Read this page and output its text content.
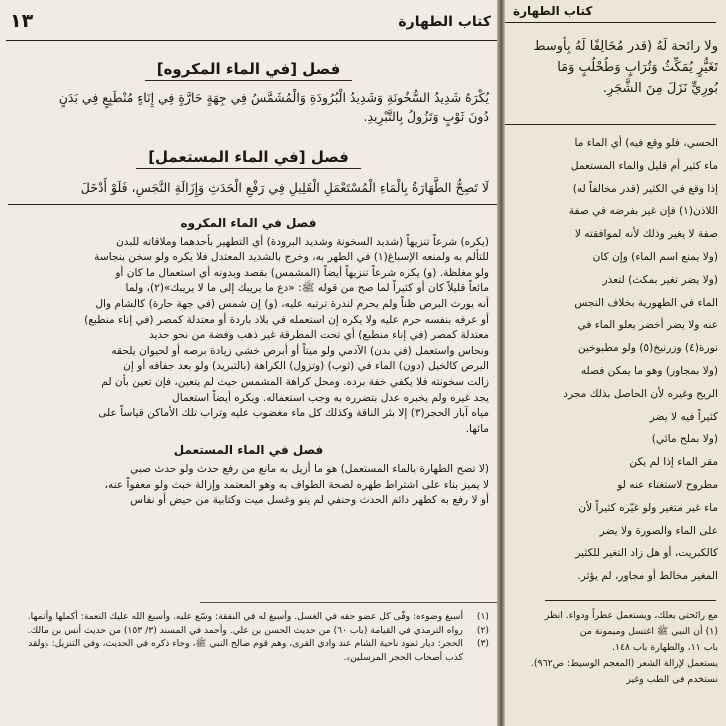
١٣	كتاب الطهارة
فصل [في الماء المكروه]
يُكْرَهُ شَدِيدُ السُّخُونَةِ وَشَدِيدُ الْبُرُودَةِ وَالْمُشَمَّسُ فِي جِهَةٍ حَارَّةٍ فِي إِنَاءٍ مُنْطَبِعٍ فِي بَدَنٍ
دُونَ ثَوْبٍ وَتَزُولُ بِالتَّبْرِيدِ.
فصل [في الماء المستعمل]
لَا تَصِحُّ الطَّهَارَةُ بِالْمَاءِ الْمُسْتَعْمَلِ الْقَلِيلِ فِي رَفْعِ الْحَدَثِ وَإِزَالَةِ النَّجَسِ، فَلَوْ أَدْخَلَ
فصل في الماء المكروه

(يكره) شرعاً تنزيهاً (شديد السخونة وشديد البرودة) أي التطهير بأحدهما وملاقاته للبدن

للتألم به ولمنعه الإسباغ(١) في الطهر به، وخرج بالشديد المعتدل فلا يكره ولو سخن بنجاسة

ولو مغلظة. (و) يكره شرعاً تنزيهاً أيضاً (المشمس) بقصد وبدونه أي استعمال ما كان أو

مائعاً قليلاً كان أو كثيراً لما صح من قوله ﷺ: «دع ما يريبك إلى ما لا يريبك»(٢)، ولما

أنه يورث البرص ظناً ولم يحرم لندرة ترتبه عليه، (و) إن شمس (في جهة حارة) كالشام وال

أو عرفه بنفسه حرم عليه ولا يكره إن استعمله في بلاد باردة أو معتدلة كمصر (في إناء منطبع)

معتدلة كمصر (في إناء منطبع) أي تحت المطرقة غير ذهب وفضة من نحو حديد

ونحاس واستعمل (في بدن) الآدمي ولو ميتاً أو أبرص خشي زيادة برصه أو لحيوان يلحقه

البرص كالخيل (دون) الماء في (ثوب) (وتزول) الكراهة (بالتبريد) ولو بعد جفافه أو إن

زالت سخونته فلا يكفي خفة برده. ومحل كراهة المشمس حيث لم يتعين، فإن تعين بأن لم

يجد غيره ولم يخبره عدل بتضرره به وجب استعماله. ويكره أيضاً استعمال

مياه آبار الحجر(٣) إلا بئر الناقة وكذلك كل ماء مغضوب عليه وتراب تلك الأماكن قياساً على

مائها.

فصل في الماء المستعمل

(لا تصح الطهارة بالماء المستعمل) هو ما أزيل به مانع من رفع حدث ولو حدث صبي

لا يميز بناء على اشتراط طهره لصحة الطواف به وهو المعتمد وإزالة خبث ولو معفواً عنه،

أو لا رفع به كطهر دائم الحدث وحنفي لم ينو وغسل ميت وكتابية من حيض أو نفاس

(١)
أسبغ وضوءه: وفّى كل عضو حقه في الغسل. وأسبغ له في النفقة: وسّع عليه. وأسبغ الله عليك النعمة: أكملها وأتمها.
(٢)
رواه الترمذي في القيامة (باب ٦٠) من حديث الحسن بن علي. وأحمد في المسند (٣/ ١٥٣) من حديث أنس بن مالك.
(٣)
الحجر: ديار ثمود ناحية الشام عند وادي القرى، وهم قوم صالح النبي ﷺ، وجاء ذكره في الحديث، وفي التنزيل: ﴿ولقد كذب أصحاب الحجر المرسلين﴾.
كتاب الطهارة
ولا رائحة لَهُ (قدر مُخَالِفًا لَهُ بِأَوسط
تَغَيُّرٍ يُمَكِّثُ وَتُرَابٍ وَطُحْلُبٍ وَمَا
بُورِيٍّ نَزَلَ مِنَ الشَّجَرِ.
الحسي، فلو وقع فيه) أي الماء ما
ماء كثير أم قليل والماء المستعمل
إذا وقع في الكثير (قدر مخالفاً له)
اللاذن(١) فإن غير بفرضه في صفة
صفة لا يغير وذلك لأنه لموافقته لا
(ولا يمنع اسم الماء) وإن كان
(ولا يضر تغير بمكث) لتعذر
الماء في الطهورية بخلاف النجس
عنه ولا يضر أخضر يعلو الماء في
نورة(٤) وزرنيخ(٥) ولو مطبوخين
(ولا بمجاور) وهو ما يمكن فصله
الريح وغيره لأن الحاصل بذلك مجرد
كثيراً فيه لا يضر
(ولا بملح مائي)
مقر الماء إذا لم يكن
مطروح لاستغناء عنه لو
ماء غير متغير ولو غيّره كثيراً لأن
على الماء والصورة ولا يضر
كالكبريت، أو هل زاد التغير للكثير
المغير مخالط أو مجاور، لم يؤثر.
مع رائحتي يعلك، ويستعمل عطراً ودواء. انظر
(١) أن النبي ﷺ اغتسل وميمونة من
باب ١١، والطهارة باب ١٤٨.
يستعمل لإزالة الشعر (المعجم الوسيط: ص٩٦٢).
نستخدم في الطب وغير
